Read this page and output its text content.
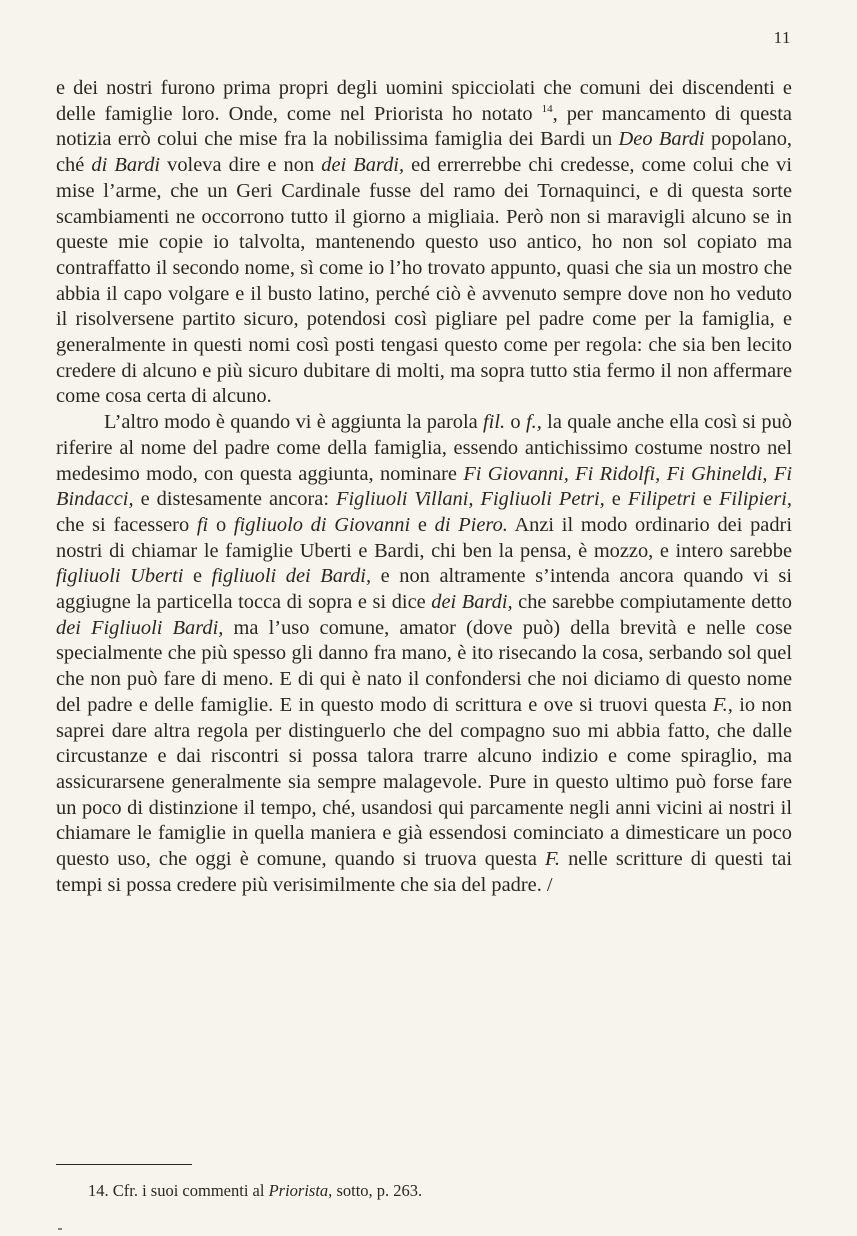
11

e dei nostri furono prima propri degli uomini spicciolati che comuni dei discendenti e delle famiglie loro. Onde, come nel Priorista ho notato $^{14}$, per mancamento di questa notizia errò colui che mise fra la nobilissima famiglia dei Bardi un Deo Bardi popolano, ché di Bardi voleva dire e non dei Bardi, ed errerrebbe chi credesse, come colui che vi mise l’arme, che un Geri Cardinale fusse del ramo dei Tornaquinci, e di questa sorte scambiamenti ne occorrono tutto il giorno a migliaia. Però non si maravigli alcuno se in queste mie copie io talvolta, mantenendo questo uso antico, ho non sol copiato ma contraffatto il secondo nome, sì come io l’ho trovato appunto, quasi che sia un mostro che abbia il capo volgare e il busto latino, perché ciò è avvenuto sempre dove non ho veduto il risolversene partito sicuro, potendosi così pigliare pel padre come per la famiglia, e generalmente in questi nomi così posti tengasi questo come per regola: che sia ben lecito credere di alcuno e più sicuro dubitare di molti, ma sopra tutto stia fermo il non affermare come cosa certa di alcuno.

L’altro modo è quando vi è aggiunta la parola fil. o f., la quale anche ella così si può riferire al nome del padre come della famiglia, essendo antichissimo costume nostro nel medesimo modo, con questa aggiunta, nominare Fi Giovanni, Fi Ridolfi, Fi Ghineldi, Fi Bindacci, e distesamente ancora: Figliuoli Villani, Figliuoli Petri, e Filipetri e Filipieri, che si facessero fi o figliuolo di Giovanni e di Piero. Anzi il modo ordinario dei padri nostri di chiamar le famiglie Uberti e Bardi, chi ben la pensa, è mozzo, e intero sarebbe figliuoli Uberti e figliuoli dei Bardi, e non altramente s’intenda ancora quando vi si aggiugne la particella tocca di sopra e si dice dei Bardi, che sarebbe compiutamente detto dei Figliuoli Bardi, ma l’uso comune, amator (dove può) della brevità e nelle cose specialmente che più spesso gli danno fra mano, è ito risecando la cosa, serbando sol quel che non può fare di meno. E di qui è nato il confondersi che noi diciamo di questo nome del padre e delle famiglie. E in questo modo di scrittura e ove si truovi questa F., io non saprei dare altra regola per distinguerlo che del compagno suo mi abbia fatto, che dalle circustanze e dai riscontri si possa talora trarre alcuno indizio e come spiraglio, ma assicurarsene generalmente sia sempre malagevole. Pure in questo ultimo può forse fare un poco di distinzione il tempo, ché, usandosi qui parcamente negli anni vicini ai nostri il chiamare le famiglie in quella maniera e già essendosi cominciato a dimesticare un poco questo uso, che oggi è comune, quando si truova questa F. nelle scritture di questi tai tempi si possa credere più verisimilmente che sia del padre. /

14. Cfr. i suoi commenti al Priorista, sotto, p. 263.
